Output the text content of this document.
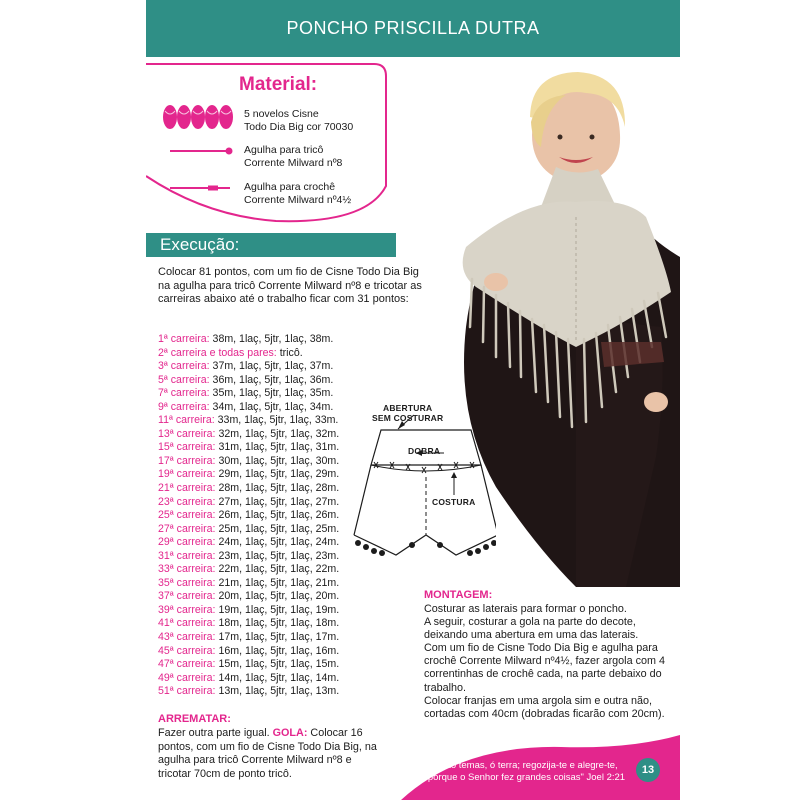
PONCHO PRISCILLA DUTRA
Material:
5 novelos Cisne
Todo Dia Big cor 70030
Agulha para tricô
Corrente Milward nº8
Agulha para crochê
Corrente Milward nº4½
Execução:
Colocar 81 pontos, com um fio de Cisne Todo Dia Big na agulha para tricô Corrente Milward nº8 e tricotar as carreiras abaixo até o trabalho ficar com 31 pontos:
1ª carreira: 38m, 1laç, 5jtr, 1laç, 38m.
2ª carreira e todas pares: tricô.
3ª carreira: 37m, 1laç, 5jtr, 1laç, 37m.
5ª carreira: 36m, 1laç, 5jtr, 1laç, 36m.
7ª carreira: 35m, 1laç, 5jtr, 1laç, 35m.
9ª carreira: 34m, 1laç, 5jtr, 1laç, 34m.
11ª carreira: 33m, 1laç, 5jtr, 1laç, 33m.
13ª carreira: 32m, 1laç, 5jtr, 1laç, 32m.
15ª carreira: 31m, 1laç, 5jtr, 1laç, 31m.
17ª carreira: 30m, 1laç, 5jtr, 1laç, 30m.
19ª carreira: 29m, 1laç, 5jtr, 1laç, 29m.
21ª carreira: 28m, 1laç, 5jtr, 1laç, 28m.
23ª carreira: 27m, 1laç, 5jtr, 1laç, 27m.
25ª carreira: 26m, 1laç, 5jtr, 1laç, 26m.
27ª carreira: 25m, 1laç, 5jtr, 1laç, 25m.
29ª carreira: 24m, 1laç, 5jtr, 1laç, 24m.
31ª carreira: 23m, 1laç, 5jtr, 1laç, 23m.
33ª carreira: 22m, 1laç, 5jtr, 1laç, 22m.
35ª carreira: 21m, 1laç, 5jtr, 1laç, 21m.
37ª carreira: 20m, 1laç, 5jtr, 1laç, 20m.
39ª carreira: 19m, 1laç, 5jtr, 1laç, 19m.
41ª carreira: 18m, 1laç, 5jtr, 1laç, 18m.
43ª carreira: 17m, 1laç, 5jtr, 1laç, 17m.
45ª carreira: 16m, 1laç, 5jtr, 1laç, 16m.
47ª carreira: 15m, 1laç, 5jtr, 1laç, 15m.
49ª carreira: 14m, 1laç, 5jtr, 1laç, 14m.
51ª carreira: 13m, 1laç, 5jtr, 1laç, 13m.
ARREMATAR:
Fazer outra parte igual. GOLA: Colocar 16 pontos, com um fio de Cisne Todo Dia Big, na agulha para tricô Corrente Milward nº8 e tricotar 70cm de ponto tricô.
ABERTURA
SEM COSTURAR
DOBRA
COSTURA
MONTAGEM:

Costurar as laterais para formar o poncho.

A seguir, costurar a gola na parte do decote, deixando uma abertura em uma das laterais.

Com um fio de Cisne Todo Dia Big e agulha para crochê Corrente Milward nº4½, fazer argola com 4 correntinhas de crochê cada, na parte debaixo do trabalho.

Colocar franjas em uma argola sim e outra não, cortadas com 40cm (dobradas ficarão com 20cm).

"Não temas, ó terra; regozija-te e alegre-te, porque o Senhor fez grandes coisas" Joel 2:21
13
